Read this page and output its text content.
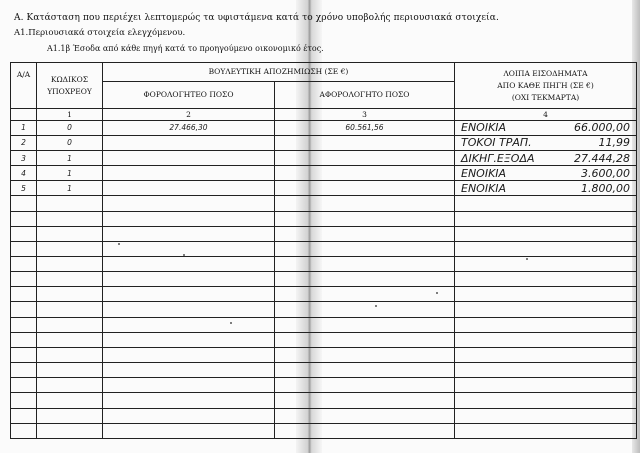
Α. Κατάσταση που περιέχει λεπτομερώς τα υφιστάμενα κατά το χρόνο υποβολής περιουσιακά στοιχεία.
Α1.Περιουσιακά στοιχεία ελεγχόμενου.
Α1.1β Έσοδα από κάθε πηγή κατά το προηγούμενο οικονομικό έτος.
Α/Α	ΚΩΔΙΚΟΣ ΥΠΟΧΡΕΟΥ	ΒΟΥΛΕΥΤΙΚΗ ΑΠΟΖΗΜΙΩΣΗ (ΣΕ €)		ΛΟΙΠΑ ΕΙΣΟΔΗΜΑΤΑ
ΑΠΟ ΚΑΘΕ ΠΗΓΗ (ΣΕ €)
(ΟΧΙ ΤΕΚΜΑΡΤΑ)

		ΦΟΡΟΛΟΓΗΤΕΟ ΠΟΣΟ	ΑΦΟΡΟΛΟΓΗΤΟ ΠΟΣΟ	
	1	2	3	4
1	0	27.466,30	60.561,56	ΕΝΟΙΚΙΑ 66.000,00

2	0			ΤΟΚΟΙ ΤΡΑΠ. 11,99

3	1			ΔΙΚΗΓ.ΕΞΟΔΑ 27.444,28

4	1			ΕΝΟΙΚΙΑ 3.600,00

5	1			ΕΝΟΙΚΙΑ 1.800,00
